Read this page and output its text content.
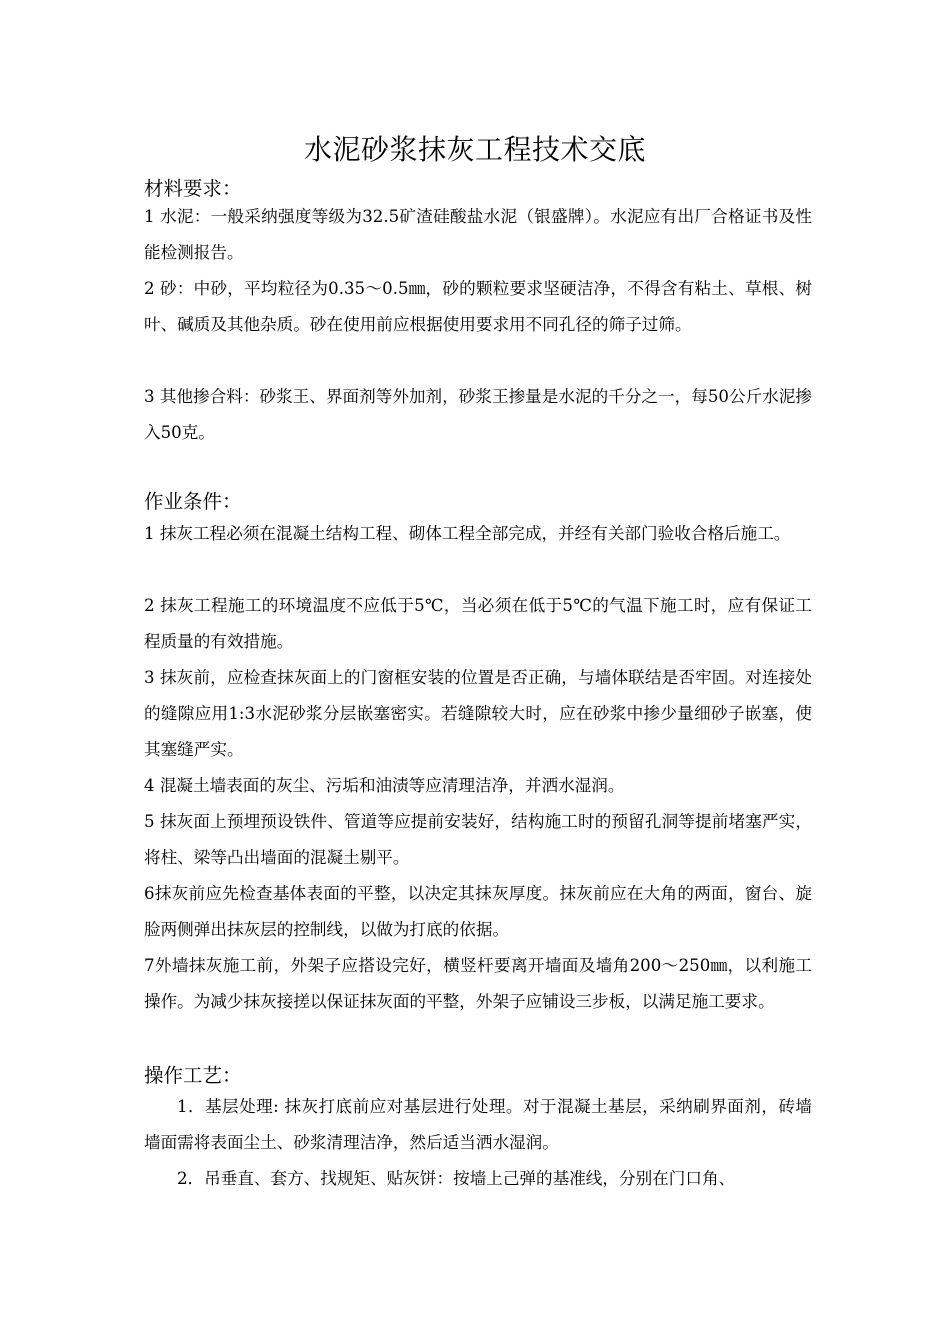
水泥砂浆抹灰工程技术交底
材料要求：

1 水泥：一般采纳强度等级为32.5矿渣硅酸盐水泥（银盛牌）。水泥应有出厂合格证书及性能检测报告。

2 砂：中砂，平均粒径为0.35～0.5㎜，砂的颗粒要求坚硬洁净，不得含有粘土、草根、树叶、碱质及其他杂质。砂在使用前应根据使用要求用不同孔径的筛子过筛。

3 其他掺合料：砂浆王、界面剂等外加剂，砂浆王掺量是水泥的千分之一，每50公斤水泥掺入50克。

作业条件：

1 抹灰工程必须在混凝土结构工程、砌体工程全部完成，并经有关部门验收合格后施工。

2 抹灰工程施工的环境温度不应低于5℃，当必须在低于5℃的气温下施工时，应有保证工程质量的有效措施。

3 抹灰前，应检查抹灰面上的门窗框安装的位置是否正确，与墙体联结是否牢固。对连接处的缝隙应用1:3水泥砂浆分层嵌塞密实。若缝隙较大时，应在砂浆中掺少量细砂子嵌塞，使其塞缝严实。

4 混凝土墙表面的灰尘、污垢和油渍等应清理洁净，并洒水湿润。

5 抹灰面上预埋预设铁件、管道等应提前安装好，结构施工时的预留孔洞等提前堵塞严实，将柱、梁等凸出墙面的混凝土剔平。

6抹灰前应先检查基体表面的平整，以决定其抹灰厚度。抹灰前应在大角的两面，窗台、旋脸两侧弹出抹灰层的控制线，以做为打底的依据。

7外墙抹灰施工前，外架子应搭设完好，横竖杆要离开墙面及墙角200～250㎜，以利施工操作。为减少抹灰接搓以保证抹灰面的平整，外架子应铺设三步板，以满足施工要求。

操作工艺：

1．基层处理: 抹灰打底前应对基层进行处理。对于混凝土基层，采纳刷界面剂，砖墙墙面需将表面尘土、砂浆清理洁净，然后适当洒水湿润。

2．吊垂直、套方、找规矩、贴灰饼：按墙上己弹的基准线，分别在门口角、
